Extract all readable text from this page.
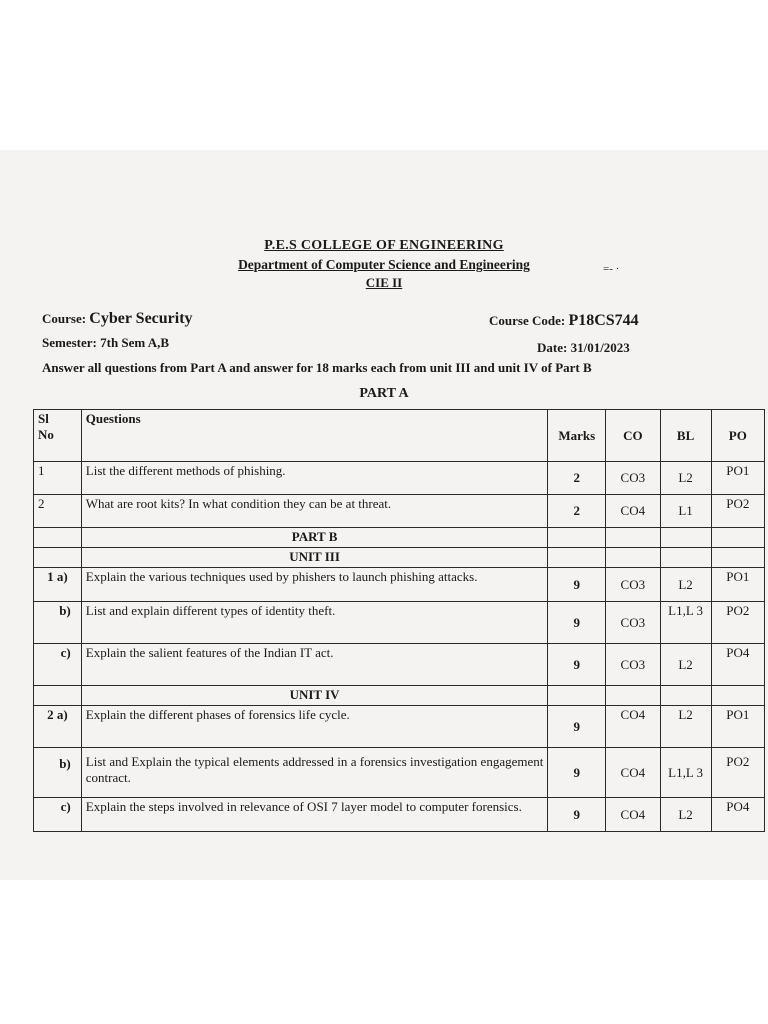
P.E.S COLLEGE OF ENGINEERING
Department of Computer Science and Engineering
CIE II
=- ·
Course: Cyber Security	Course Code: P18CS744
Semester: 7th Sem A,B	Date: 31/01/2023
Answer all questions from Part A and answer for 18 marks each from unit III and unit IV of Part B
PART A
Sl
No	Questions	Marks	CO	BL	PO
1	List the different methods of phishing.	2	CO3	L2	PO1
2	What are root kits? In what condition they can be at threat.	2	CO4	L1	PO2
	PART B				
	UNIT III				
1 a)	Explain the various techniques used by phishers to launch phishing attacks.	9	CO3	L2	PO1
b)	List and explain different types of identity theft.	9	CO3	L1,L 3	PO2
c)	Explain the salient features of the Indian IT act.	9	CO3	L2	PO4
	UNIT IV				
2 a)	Explain the different phases of forensics life cycle.	9	CO4	L2	PO1
b)	List and Explain the typical elements addressed in a forensics investigation engagement contract.	9	CO4	L1,L 3	PO2
c)	Explain the steps involved in relevance of OSI 7 layer model to computer forensics.	9	CO4	L2	PO4
